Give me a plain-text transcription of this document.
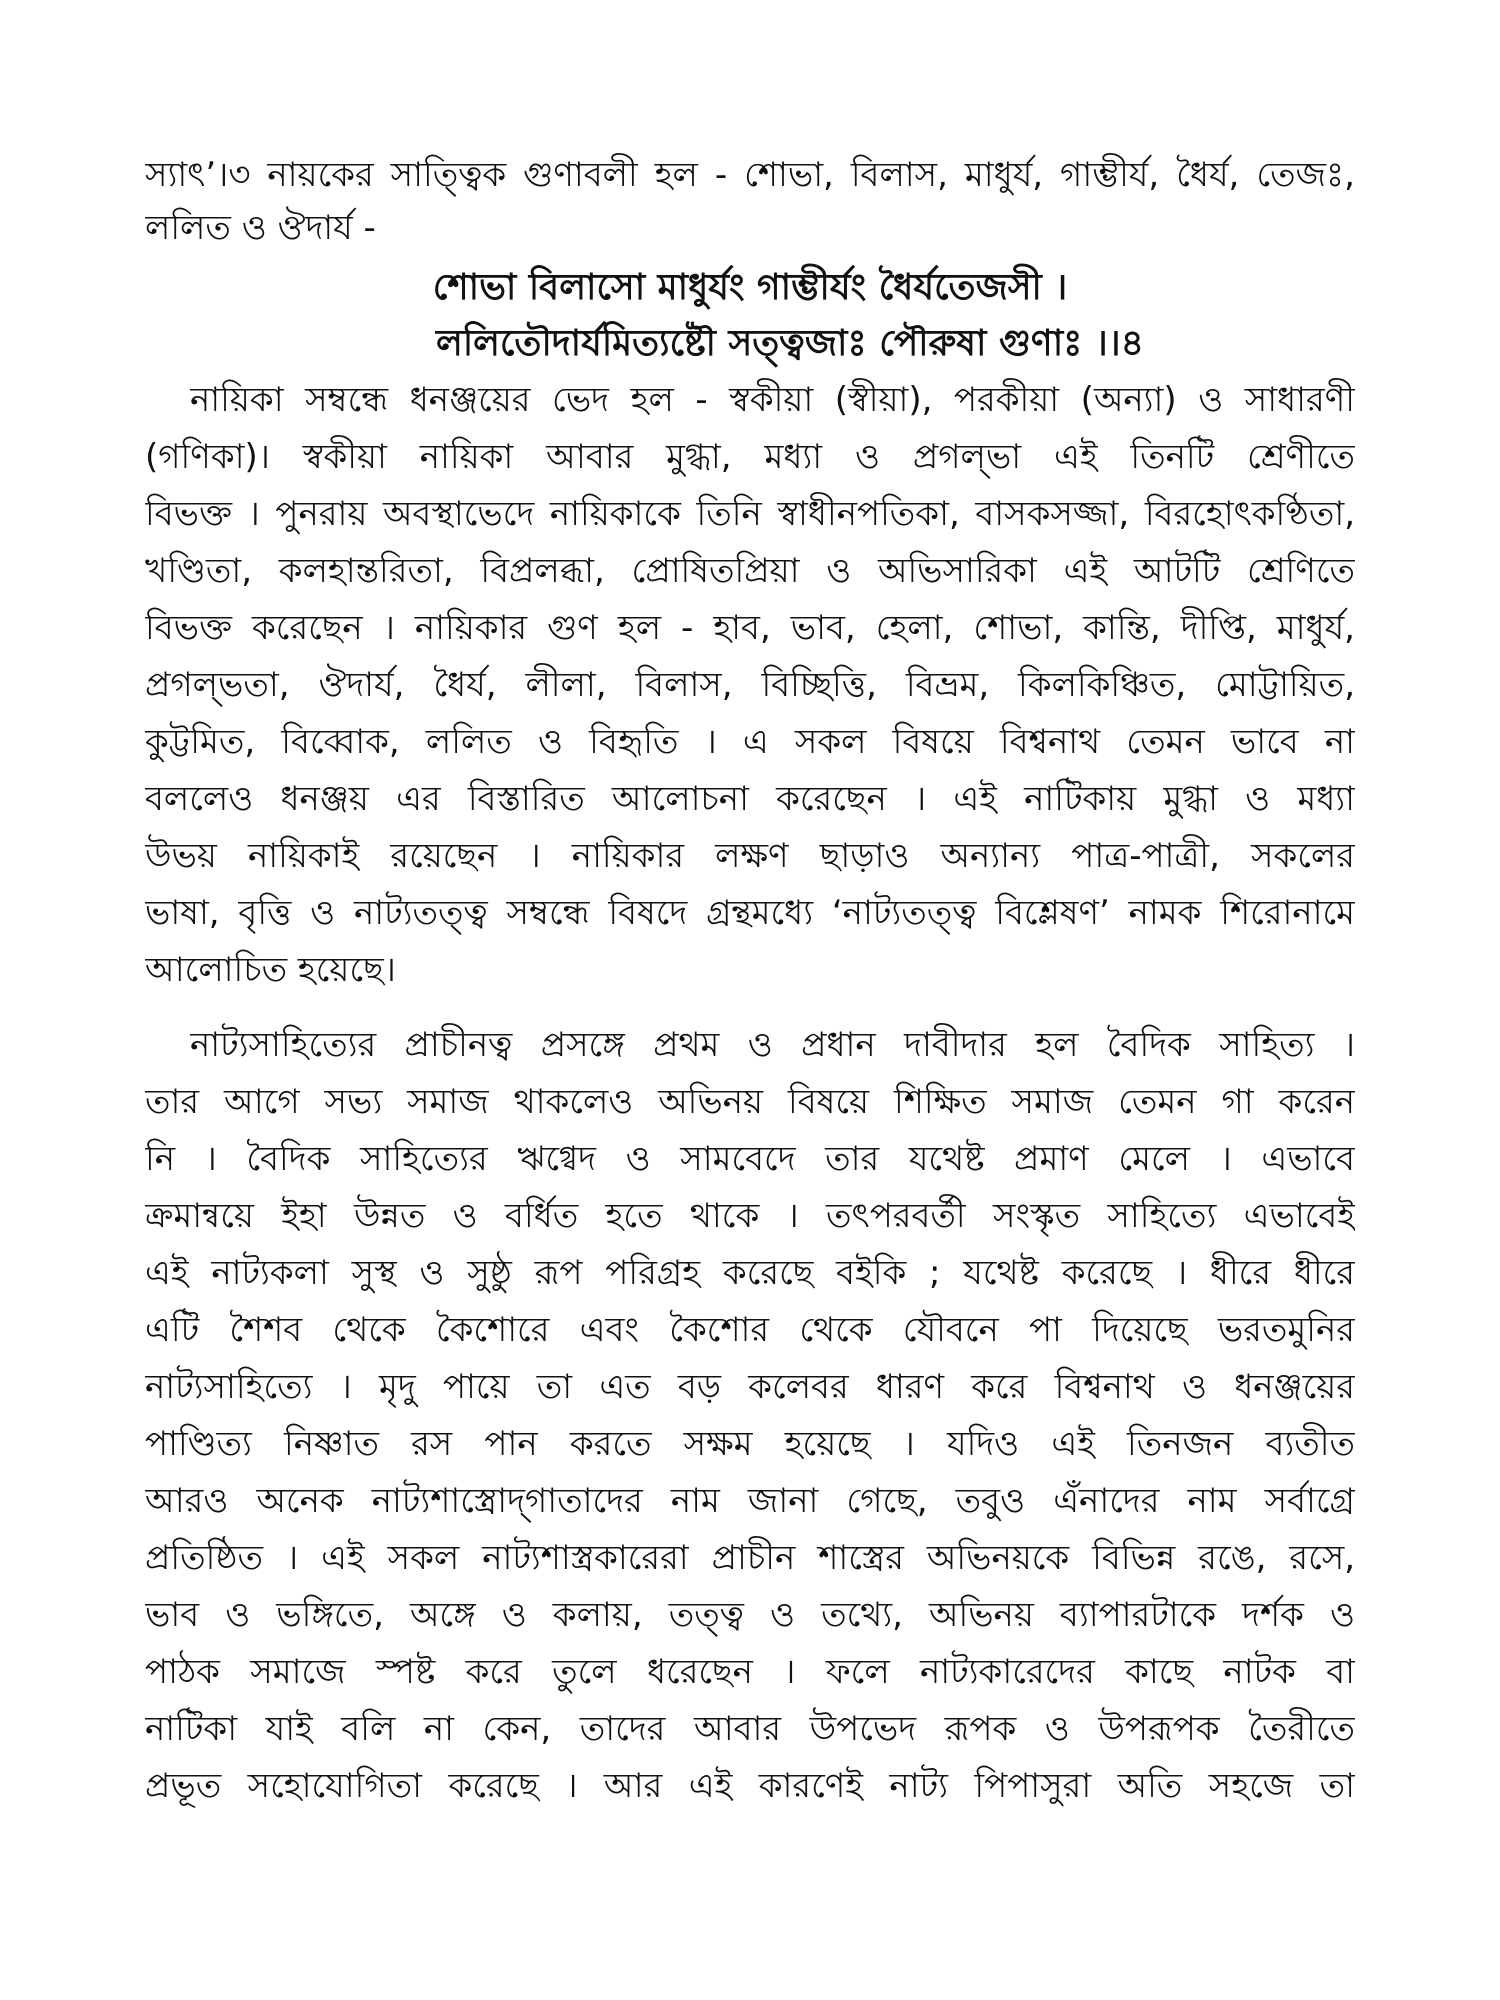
স্যাৎ’।৩ নায়কের সাত্ত্বিক গুণাবলী হল - শোভা, বিলাস, মাধুর্য, গাম্ভীর্য, ধৈর্য, তেজঃ,
ললিত ও ঔদার্য -
শোভা বিলাসো মাধুর্যং গাম্ভীর্যং ধৈর্যতেজসী ।
ললিতৌদার্যমিত্যষ্টৌ সত্ত্বজাঃ পৌরুষা গুণাঃ ।।৪
নায়িকা সম্বন্ধে ধনঞ্জয়ের ভেদ হল - স্বকীয়া (স্বীয়া), পরকীয়া (অন্যা) ও সাধারণী
(গণিকা)। স্বকীয়া নায়িকা আবার মুগ্ধা, মধ্যা ও প্রগল্‌ভা এই তিনটি শ্রেণীতে
বিভক্ত । পুনরায় অবস্থাভেদে নায়িকাকে তিনি স্বাধীনপতিকা, বাসকসজ্জা, বিরহোৎকণ্ঠিতা,
খণ্ডিতা, কলহান্তরিতা, বিপ্রলব্ধা, প্রোষিতপ্রিয়া ও অভিসারিকা এই আটটি শ্রেণিতে
বিভক্ত করেছেন । নায়িকার গুণ হল - হাব, ভাব, হেলা, শোভা, কান্তি, দীপ্তি, মাধুর্য,
প্রগল্‌ভতা, ঔদার্য, ধৈর্য, লীলা, বিলাস, বিচ্ছিত্তি, বিভ্রম, কিলকিঞ্চিত, মোট্টায়িত,
কুট্টমিত, বিব্বোক, ললিত ও বিহৃতি । এ সকল বিষয়ে বিশ্বনাথ তেমন ভাবে না
বললেও ধনঞ্জয় এর বিস্তারিত আলোচনা করেছেন । এই নাটিকায় মুগ্ধা ও মধ্যা
উভয় নায়িকাই রয়েছেন । নায়িকার লক্ষণ ছাড়াও অন্যান্য পাত্র-পাত্রী, সকলের
ভাষা, বৃত্তি ও নাট্যতত্ত্ব সম্বন্ধে বিষদে গ্রন্থমধ্যে ‘নাট্যতত্ত্ব বিশ্লেষণ’ নামক শিরোনামে
আলোচিত হয়েছে।
নাট্যসাহিত্যের প্রাচীনত্ব প্রসঙ্গে প্রথম ও প্রধান দাবীদার হল বৈদিক সাহিত্য ।
তার আগে সভ্য সমাজ থাকলেও অভিনয় বিষয়ে শিক্ষিত সমাজ তেমন গা করেন
নি । বৈদিক সাহিত্যের ঋগ্বেদ ও সামবেদে তার যথেষ্ট প্রমাণ মেলে । এভাবে
ক্রমান্বয়ে ইহা উন্নত ও বর্ধিত হতে থাকে । তৎপরবর্তী সংস্কৃত সাহিত্যে এভাবেই
এই নাট্যকলা সুস্থ ও সুষ্ঠু রূপ পরিগ্রহ করেছে বইকি ; যথেষ্ট করেছে । ধীরে ধীরে
এটি শৈশব থেকে কৈশোরে এবং কৈশোর থেকে যৌবনে পা দিয়েছে ভরতমুনির
নাট্যসাহিত্যে । মৃদু পায়ে তা এত বড় কলেবর ধারণ করে বিশ্বনাথ ও ধনঞ্জয়ের
পাণ্ডিত্য নিষ্ণাত রস পান করতে সক্ষম হয়েছে । যদিও এই তিনজন ব্যতীত
আরও অনেক নাট্যশাস্ত্রোদ্‌গাতাদের নাম জানা গেছে, তবুও এঁনাদের নাম সর্বাগ্রে
প্রতিষ্ঠিত । এই সকল নাট্যশাস্ত্রকারেরা প্রাচীন শাস্ত্রের অভিনয়কে বিভিন্ন রঙে, রসে,
ভাব ও ভঙ্গিতে, অঙ্গে ও কলায়, তত্ত্ব ও তথ্যে, অভিনয় ব্যাপারটাকে দর্শক ও
পাঠক সমাজে স্পষ্ট করে তুলে ধরেছেন । ফলে নাট্যকারেদের কাছে নাটক বা
নাটিকা যাই বলি না কেন, তাদের আবার উপভেদ রূপক ও উপরূপক তৈরীতে
প্রভূত সহোযোগিতা করেছে । আর এই কারণেই নাট্য পিপাসুরা অতি সহজে তা
